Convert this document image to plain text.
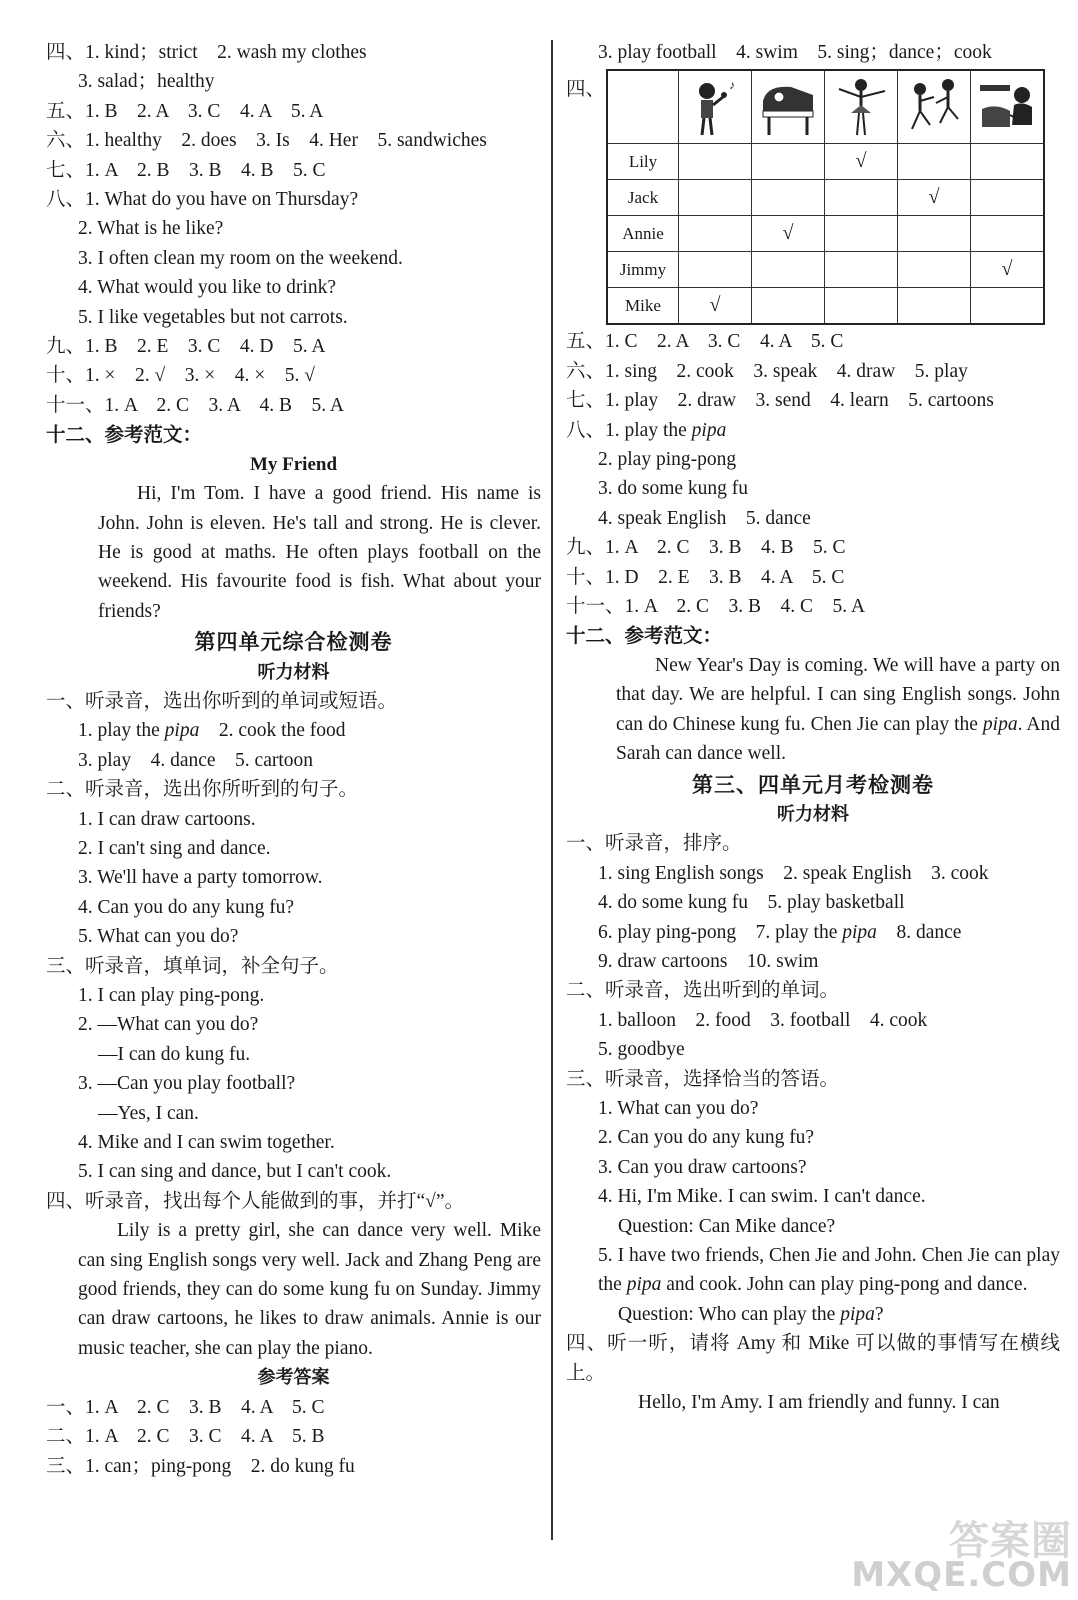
四、1. kind；strict　2. wash my clothes
3. salad；healthy
五、1. B　2. A　3. C　4. A　5. A
六、1. healthy　2. does　3. Is　4. Her　5. sandwiches
七、1. A　2. B　3. B　4. B　5. C
八、1. What do you have on Thursday?
2. What is he like?
3. I often clean my room on the weekend.
4. What would you like to drink?
5. I like vegetables but not carrots.
九、1. B　2. E　3. C　4. D　5. A
十、1. ×　2. √　3. ×　4. ×　5. √
十一、1. A　2. C　3. A　4. B　5. A
十二、参考范文：
My Friend
Hi, I'm Tom. I have a good friend. His name is John. John is eleven. He's tall and strong. He is clever. He is good at maths. He often plays football on the weekend. His favourite food is fish. What about your friends?
第四单元综合检测卷
听力材料
一、听录音，选出你听到的单词或短语。
1. play the pipa　2. cook the food
3. play　4. dance　5. cartoon
二、听录音，选出你所听到的句子。
1. I can draw cartoons.
2. I can't sing and dance.
3. We'll have a party tomorrow.
4. Can you do any kung fu?
5. What can you do?
三、听录音，填单词，补全句子。
1. I can play ping-pong.
2. —What can you do?
—I can do kung fu.
3. —Can you play football?
—Yes, I can.
4. Mike and I can swim together.
5. I can sing and dance, but I can't cook.
四、听录音，找出每个人能做到的事，并打“√”。
Lily is a pretty girl, she can dance very well. Mike can sing English songs very well. Jack and Zhang Peng are good friends, they can do some kung fu on Sunday. Jimmy can draw cartoons, he likes to draw animals. Annie is our music teacher, she can play the piano.
参考答案
一、1. A　2. C　3. B　4. A　5. C
二、1. A　2. C　3. C　4. A　5. B
三、1. can；ping-pong　2. do kung fu
3. play football　4. swim　5. sing；dance；cook
四、

♪

Lily			√		
Jack				√	
Annie		√			
Jimmy					√
Mike	√				
五、1. C　2. A　3. C　4. A　5. C
六、1. sing　2. cook　3. speak　4. draw　5. play
七、1. play　2. draw　3. send　4. learn　5. cartoons
八、1. play the pipa
2. play ping-pong
3. do some kung fu
4. speak English　5. dance
九、1. A　2. C　3. B　4. B　5. C
十、1. D　2. E　3. B　4. A　5. C
十一、1. A　2. C　3. B　4. C　5. A
十二、参考范文：
New Year's Day is coming. We will have a party on that day. We are helpful. I can sing English songs. John can do Chinese kung fu. Chen Jie can play the pipa. And Sarah can dance well.
第三、四单元月考检测卷
听力材料
一、听录音，排序。
1. sing English songs　2. speak English　3. cook
4. do some kung fu　5. play basketball
6. play ping-pong　7. play the pipa　8. dance
9. draw cartoons　10. swim
二、听录音，选出听到的单词。
1. balloon　2. food　3. football　4. cook
5. goodbye
三、听录音，选择恰当的答语。
1. What can you do?
2. Can you do any kung fu?
3. Can you draw cartoons?
4. Hi, I'm Mike. I can swim. I can't dance.
Question: Can Mike dance?
5. I have two friends, Chen Jie and John. Chen Jie can play the pipa and cook. John can play ping-pong and dance.
Question: Who can play the pipa?
四、听一听，请将 Amy 和 Mike 可以做的事情写在横线上。
Hello, I'm Amy. I am friendly and funny. I can
答案圈
MXQE.COM
